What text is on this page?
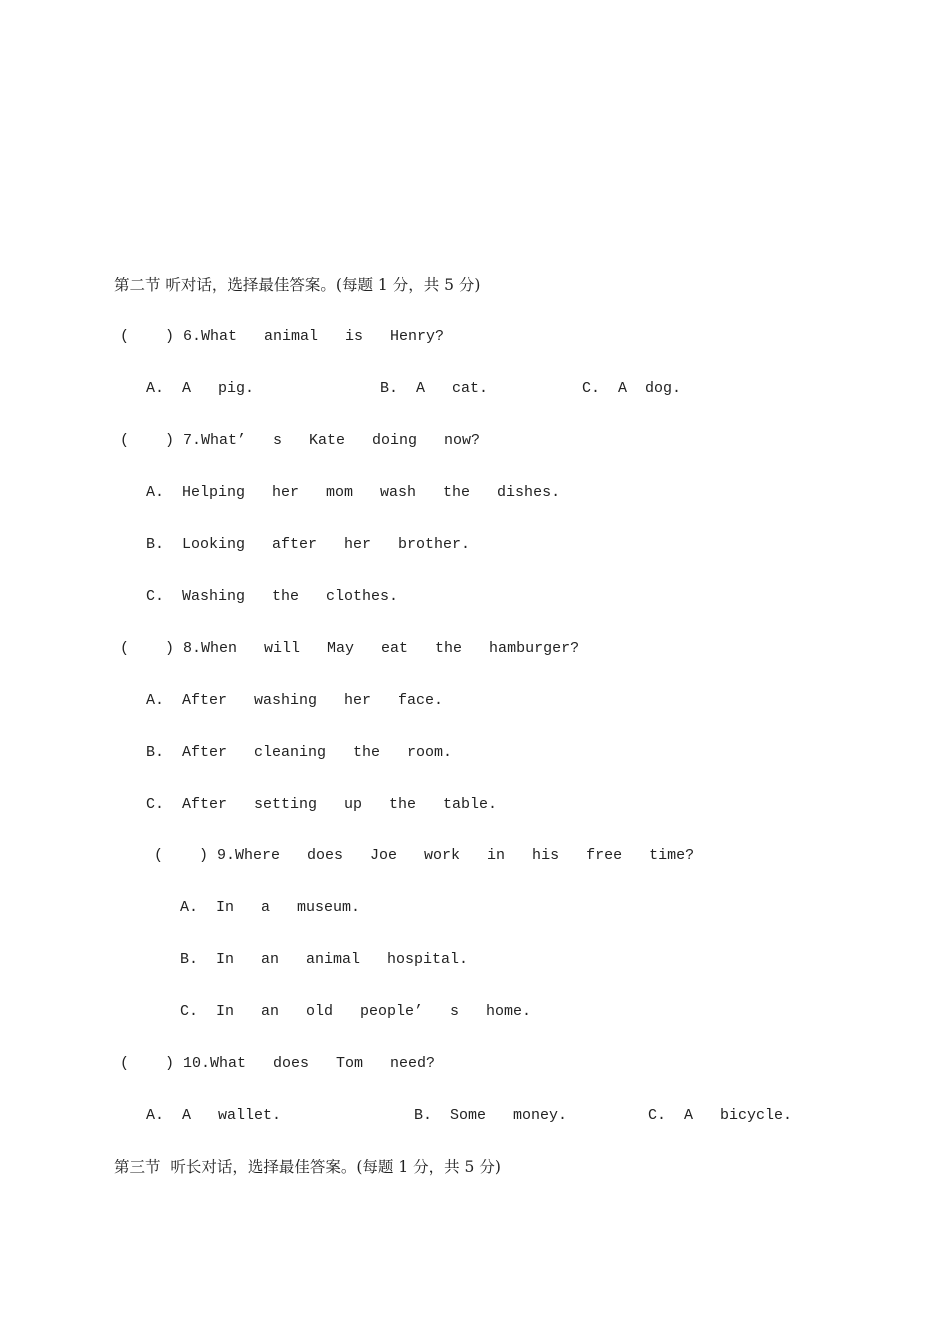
第二节 听对话，选择最佳答案。(每题 1 分，共 5 分)
(    ) 6.What   animal   is   Henry?
A.  A   pig.	B.  A   cat.	C.  A  dog.
(    ) 7.What’   s   Kate   doing   now?
A.  Helping   her   mom   wash   the   dishes.
B.  Looking   after   her   brother.
C.  Washing   the   clothes.
(    ) 8.When   will   May   eat   the   hamburger?
A.  After   washing   her   face.
B.  After   cleaning   the   room.
C.  After   setting   up   the   table.
(    ) 9.Where   does   Joe   work   in   his   free   time?
A.  In   a   museum.
B.  In   an   animal   hospital.
C.  In   an   old   people’   s   home.
(    ) 10.What   does   Tom   need?
A.  A   wallet.	B.  Some   money.	C.  A   bicycle.
第三节  听长对话，选择最佳答案。(每题 1 分，共 5 分)
